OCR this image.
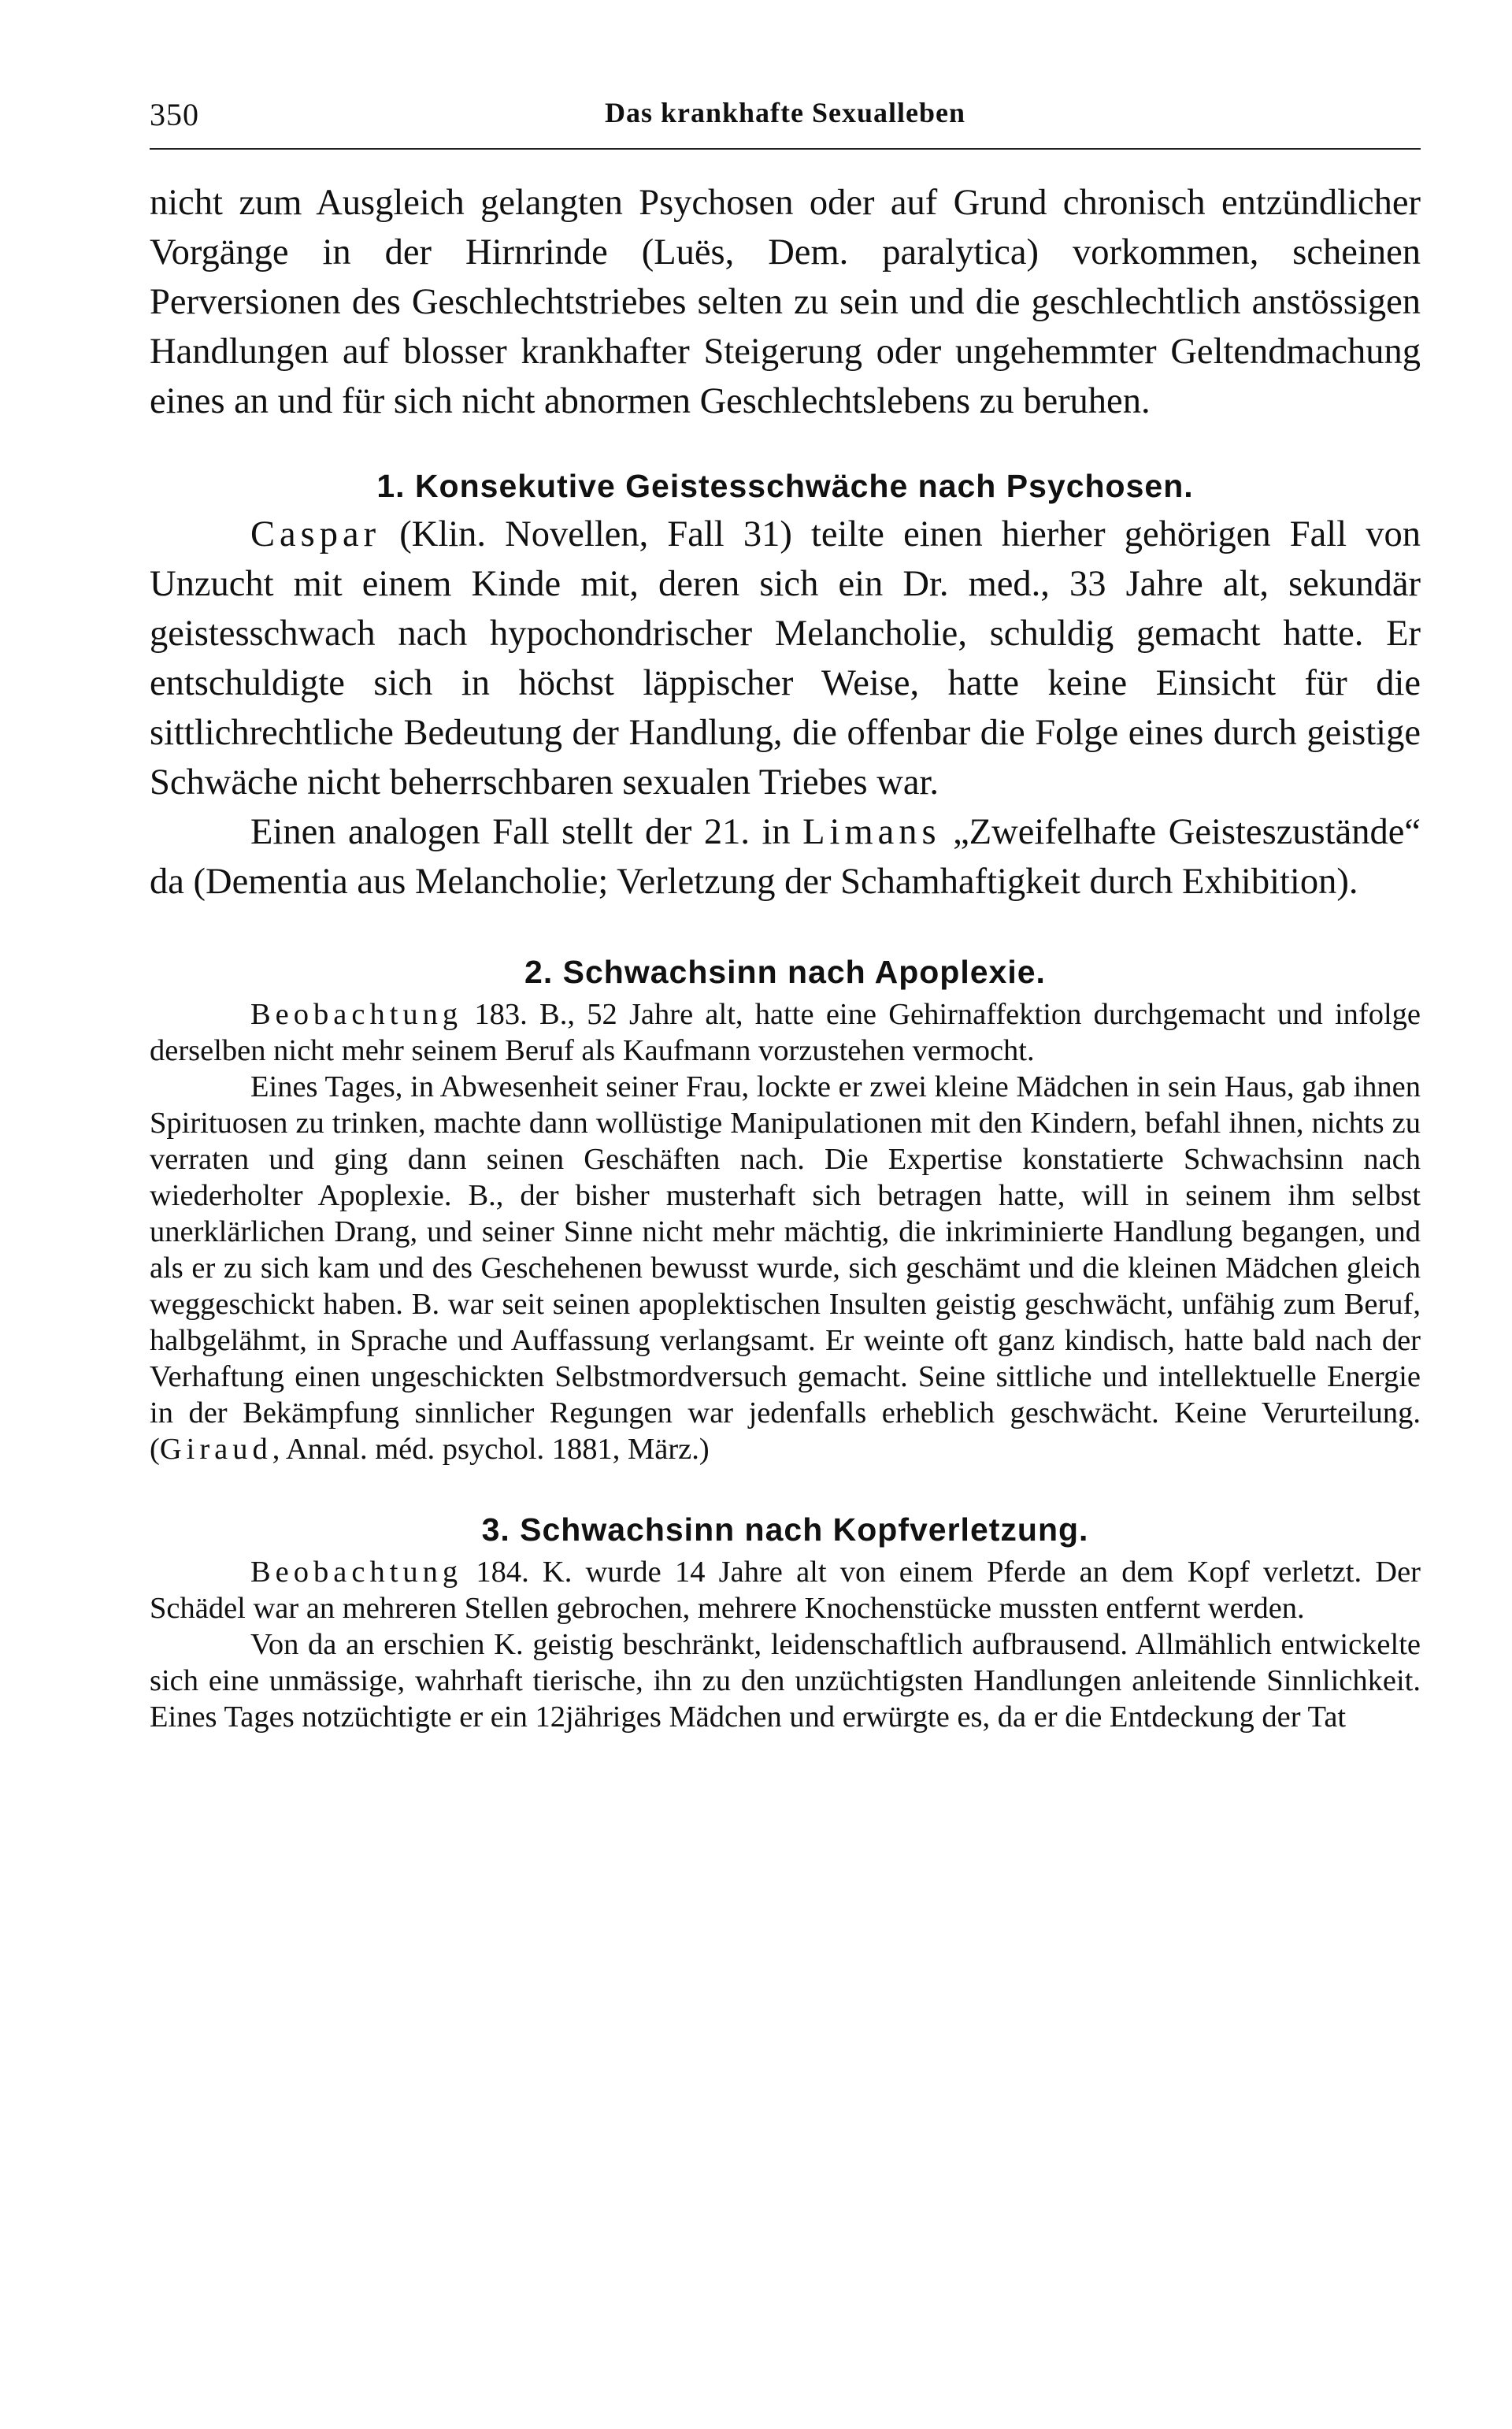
350	Das krankhafte Sexualleben

nicht zum Ausgleich gelangten Psychosen oder auf Grund chronisch entzündlicher Vorgänge in der Hirnrinde (Luës, Dem. paralytica) vorkommen, scheinen Perversionen des Geschlechtstriebes selten zu sein und die geschlechtlich anstössigen Handlungen auf blosser krankhafter Steigerung oder ungehemmter Geltendmachung eines an und für sich nicht abnormen Geschlechtslebens zu beruhen.

1. Konsekutive Geistesschwäche nach Psychosen.

Caspar (Klin. Novellen, Fall 31) teilte einen hierher gehörigen Fall von Unzucht mit einem Kinde mit, deren sich ein Dr. med., 33 Jahre alt, sekundär geistesschwach nach hypochondrischer Melancholie, schuldig gemacht hatte. Er entschuldigte sich in höchst läppischer Weise, hatte keine Einsicht für die sittlichrechtliche Bedeutung der Handlung, die offenbar die Folge eines durch geistige Schwäche nicht beherrschbaren sexualen Triebes war.

Einen analogen Fall stellt der 21. in Limans „Zweifelhafte Geisteszustände“ da (Dementia aus Melancholie; Verletzung der Schamhaftigkeit durch Exhibition).

2. Schwachsinn nach Apoplexie.

Beobachtung 183. B., 52 Jahre alt, hatte eine Gehirnaffektion durchgemacht und infolge derselben nicht mehr seinem Beruf als Kaufmann vorzustehen vermocht.

Eines Tages, in Abwesenheit seiner Frau, lockte er zwei kleine Mädchen in sein Haus, gab ihnen Spirituosen zu trinken, machte dann wollüstige Manipulationen mit den Kindern, befahl ihnen, nichts zu verraten und ging dann seinen Geschäften nach. Die Expertise konstatierte Schwachsinn nach wiederholter Apoplexie. B., der bisher musterhaft sich betragen hatte, will in seinem ihm selbst unerklärlichen Drang, und seiner Sinne nicht mehr mächtig, die inkriminierte Handlung begangen, und als er zu sich kam und des Geschehenen bewusst wurde, sich geschämt und die kleinen Mädchen gleich weggeschickt haben. B. war seit seinen apoplektischen Insulten geistig geschwächt, unfähig zum Beruf, halbgelähmt, in Sprache und Auffassung verlangsamt. Er weinte oft ganz kindisch, hatte bald nach der Verhaftung einen ungeschickten Selbstmordversuch gemacht. Seine sittliche und intellektuelle Energie in der Bekämpfung sinnlicher Regungen war jedenfalls erheblich geschwächt. Keine Verurteilung. (Giraud, Annal. méd. psychol. 1881, März.)

3. Schwachsinn nach Kopfverletzung.

Beobachtung 184. K. wurde 14 Jahre alt von einem Pferde an dem Kopf verletzt. Der Schädel war an mehreren Stellen gebrochen, mehrere Knochenstücke mussten entfernt werden.

Von da an erschien K. geistig beschränkt, leidenschaftlich aufbrausend. Allmählich entwickelte sich eine unmässige, wahrhaft tierische, ihn zu den unzüchtigsten Handlungen anleitende Sinnlichkeit. Eines Tages notzüchtigte er ein 12jähriges Mädchen und erwürgte es, da er die Entdeckung der Tat
